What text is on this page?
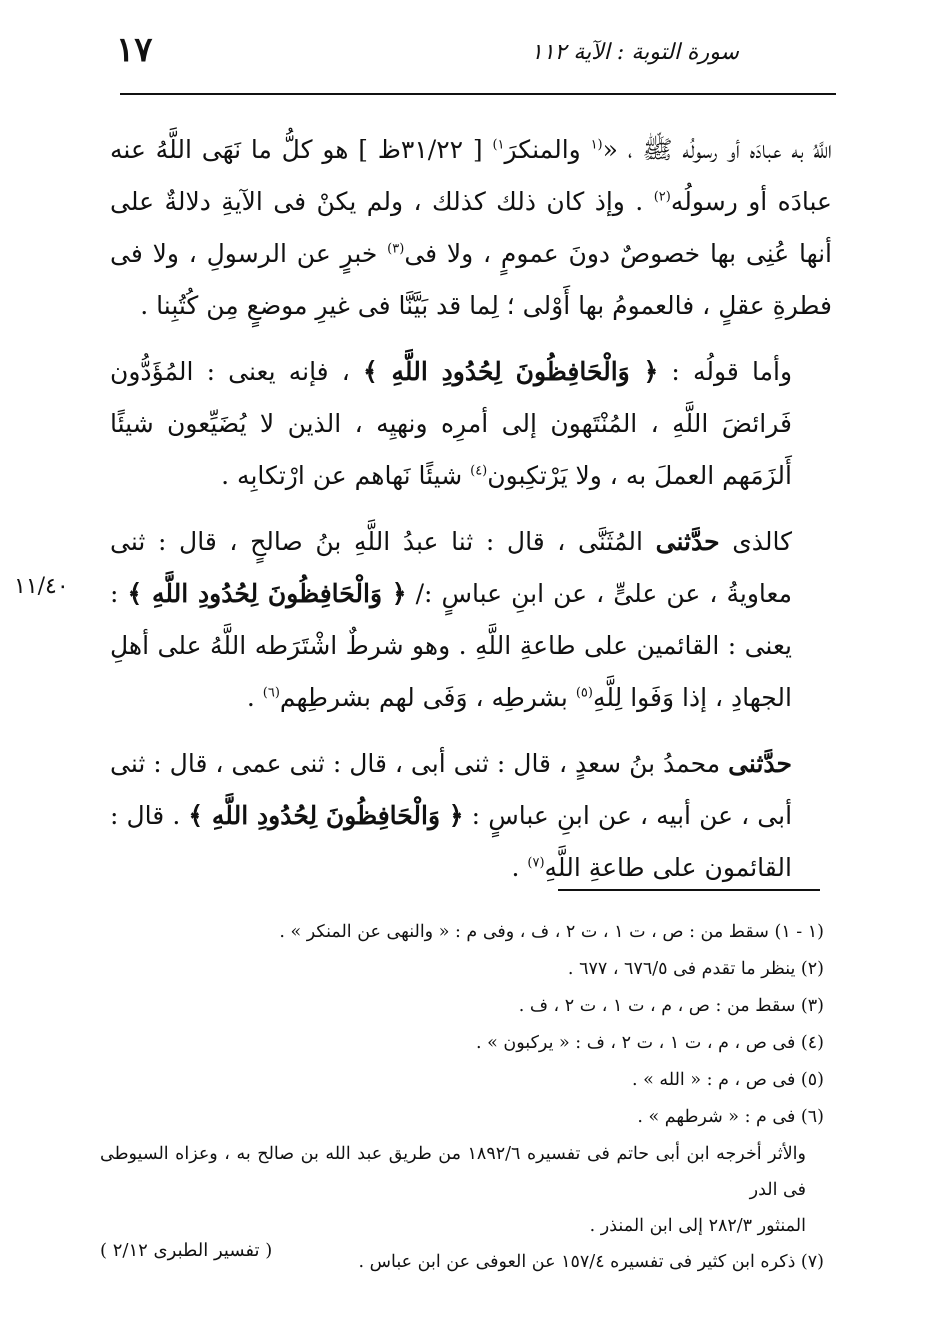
١٧	سورة التوبة : الآية ١١٢

اللَّهُ به عبادَه أو رسولُه ﷺ ، «$^{(١}$ والمنكرَ$^{١)}$ [ ٣١/٢٢ظ ] هو كلُّ ما نَهَى اللَّهُ عنه عبادَه أو رسولُه$^{(٢)}$ . وإذ كان ذلك كذلك ، ولم يكنْ فى الآيةِ دلالةٌ على أنها عُنِى بها خصوصٌ دونَ عمومٍ ، ولا فى$^{(٣)}$ خبرٍ عن الرسولِ ، ولا فى فطرةِ عقلٍ ، فالعمومُ بها أَوْلى ؛ لِما قد بَيَّنَّا فى غيرِ موضعٍ مِن كُتُبِنا .

وأما قولُه : ﴿ وَالْحَافِظُونَ لِحُدُودِ اللَّهِ ﴾ ، فإنه يعنى : المُؤَدُّون فَرائضَ اللَّهِ ، المُنْتَهون إلى أمرِه ونهيِه ، الذين لا يُضَيِّعون شيئًا أَلزَمَهم العملَ به ، ولا يَرْتكِبون$^{(٤)}$ شيئًا نَهاهم عن ارْتكابِه .

كالذى حدَّثنى المُثَنَّى ، قال : ثنا عبدُ اللَّهِ بنُ صالحٍ ، قال : ثنى معاويةُ ، عن علىٍّ ، عن ابنِ عباسٍ :/ ﴿ وَالْحَافِظُونَ لِحُدُودِ اللَّهِ ﴾ : يعنى : القائمين على طاعةِ اللَّهِ . وهو شرطٌ اشْتَرَطه اللَّهُ على أهلِ الجهادِ ، إذا وَفَوا لِلَّهِ$^{(٥)}$ بشرطِه ، وَفَى لهم بشرطِهم$^{(٦)}$ .

حدَّثنى محمدُ بنُ سعدٍ ، قال : ثنى أبى ، قال : ثنى عمى ، قال : ثنى أبى ، عن أبيه ، عن ابنِ عباسٍ : ﴿ وَالْحَافِظُونَ لِحُدُودِ اللَّهِ ﴾ . قال : القائمون على طاعةِ اللَّهِ$^{(٧)}$ .

١١/٤٠
(١ - ١) سقط من : ص ، ت ١ ، ت ٢ ، ف ، وفى م : « والنهى عن المنكر » .
(٢) ينظر ما تقدم فى ٦٧٦/٥ ، ٦٧٧ .
(٣) سقط من : ص ، م ، ت ١ ، ت ٢ ، ف .
(٤) فى ص ، م ، ت ١ ، ت ٢ ، ف : « يركبون » .
(٥) فى ص ، م : « الله » .
(٦) فى م : « شرطهم » .
والأثر أخرجه ابن أبى حاتم فى تفسيره ١٨٩٢/٦ من طريق عبد الله بن صالح به ، وعزاه السيوطى فى الدر
المنثور ٢٨٢/٣ إلى ابن المنذر .
(٧) ذكره ابن كثير فى تفسيره ١٥٧/٤ عن العوفى عن ابن عباس .
( تفسير الطبرى ٢/١٢ )
